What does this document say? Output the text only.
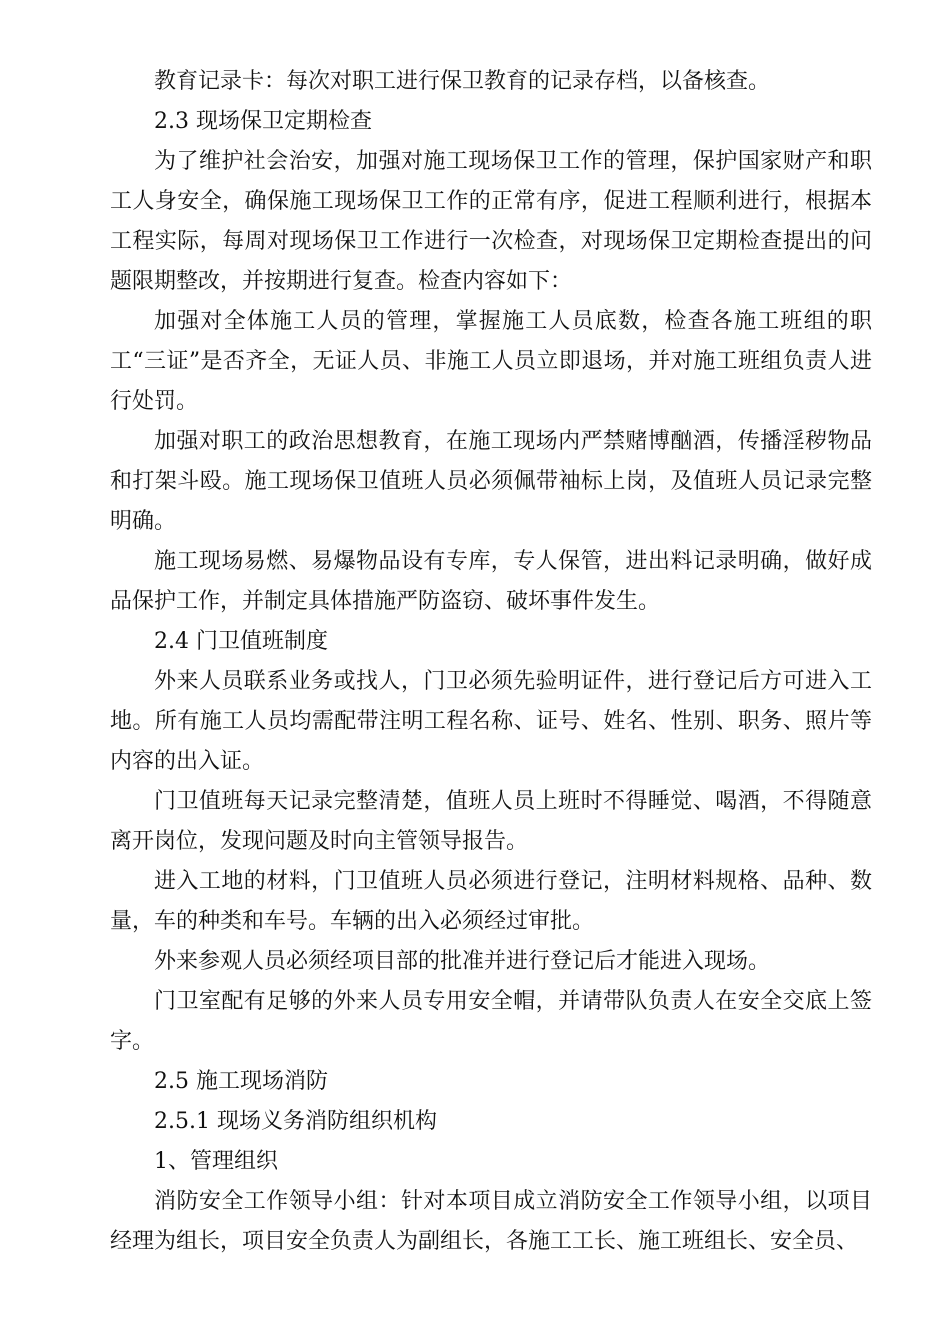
教育记录卡：每次对职工进行保卫教育的记录存档，以备核查。

2.3 现场保卫定期检查

为了维护社会治安，加强对施工现场保卫工作的管理，保护国家财产和职工人身安全，确保施工现场保卫工作的正常有序，促进工程顺利进行，根据本工程实际，每周对现场保卫工作进行一次检查，对现场保卫定期检查提出的问题限期整改，并按期进行复查。检查内容如下：

加强对全体施工人员的管理，掌握施工人员底数，检查各施工班组的职工“三证”是否齐全，无证人员、非施工人员立即退场，并对施工班组负责人进行处罚。

加强对职工的政治思想教育，在施工现场内严禁赌博酗酒，传播淫秽物品和打架斗殴。施工现场保卫值班人员必须佩带袖标上岗，及值班人员记录完整明确。

施工现场易燃、易爆物品设有专库，专人保管，进出料记录明确，做好成品保护工作，并制定具体措施严防盗窃、破坏事件发生。

2.4 门卫值班制度

外来人员联系业务或找人，门卫必须先验明证件，进行登记后方可进入工地。所有施工人员均需配带注明工程名称、证号、姓名、性别、职务、照片等内容的出入证。

门卫值班每天记录完整清楚，值班人员上班时不得睡觉、喝酒，不得随意离开岗位，发现问题及时向主管领导报告。

进入工地的材料，门卫值班人员必须进行登记，注明材料规格、品种、数量，车的种类和车号。车辆的出入必须经过审批。

外来参观人员必须经项目部的批准并进行登记后才能进入现场。

门卫室配有足够的外来人员专用安全帽，并请带队负责人在安全交底上签字。

2.5 施工现场消防

2.5.1 现场义务消防组织机构

1、管理组织

消防安全工作领导小组：针对本项目成立消防安全工作领导小组，以项目经理为组长，项目安全负责人为副组长，各施工工长、施工班组长、安全员、
